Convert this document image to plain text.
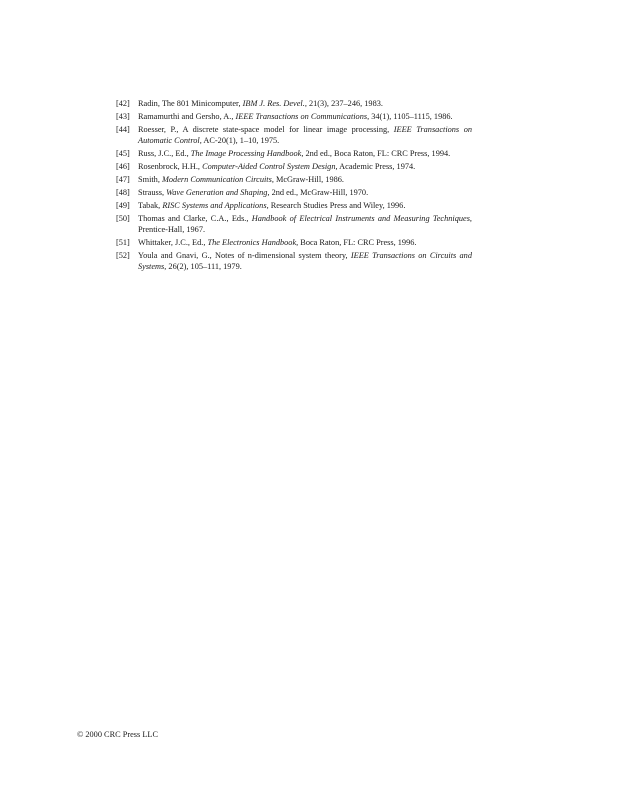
[42] Radin, The 801 Minicomputer, IBM J. Res. Devel., 21(3), 237–246, 1983.
[43] Ramamurthi and Gersho, A., IEEE Transactions on Communications, 34(1), 1105–1115, 1986.
[44] Roesser, P., A discrete state-space model for linear image processing, IEEE Transactions on Automatic Control, AC-20(1), 1–10, 1975.
[45] Russ, J.C., Ed., The Image Processing Handbook, 2nd ed., Boca Raton, FL: CRC Press, 1994.
[46] Rosenbrock, H.H., Computer-Aided Control System Design, Academic Press, 1974.
[47] Smith, Modern Communication Circuits, McGraw-Hill, 1986.
[48] Strauss, Wave Generation and Shaping, 2nd ed., McGraw-Hill, 1970.
[49] Tabak, RISC Systems and Applications, Research Studies Press and Wiley, 1996.
[50] Thomas and Clarke, C.A., Eds., Handbook of Electrical Instruments and Measuring Techniques, Prentice-Hall, 1967.
[51] Whittaker, J.C., Ed., The Electronics Handbook, Boca Raton, FL: CRC Press, 1996.
[52] Youla and Gnavi, G., Notes of n-dimensional system theory, IEEE Transactions on Circuits and Systems, 26(2), 105–111, 1979.
© 2000 CRC Press LLC
